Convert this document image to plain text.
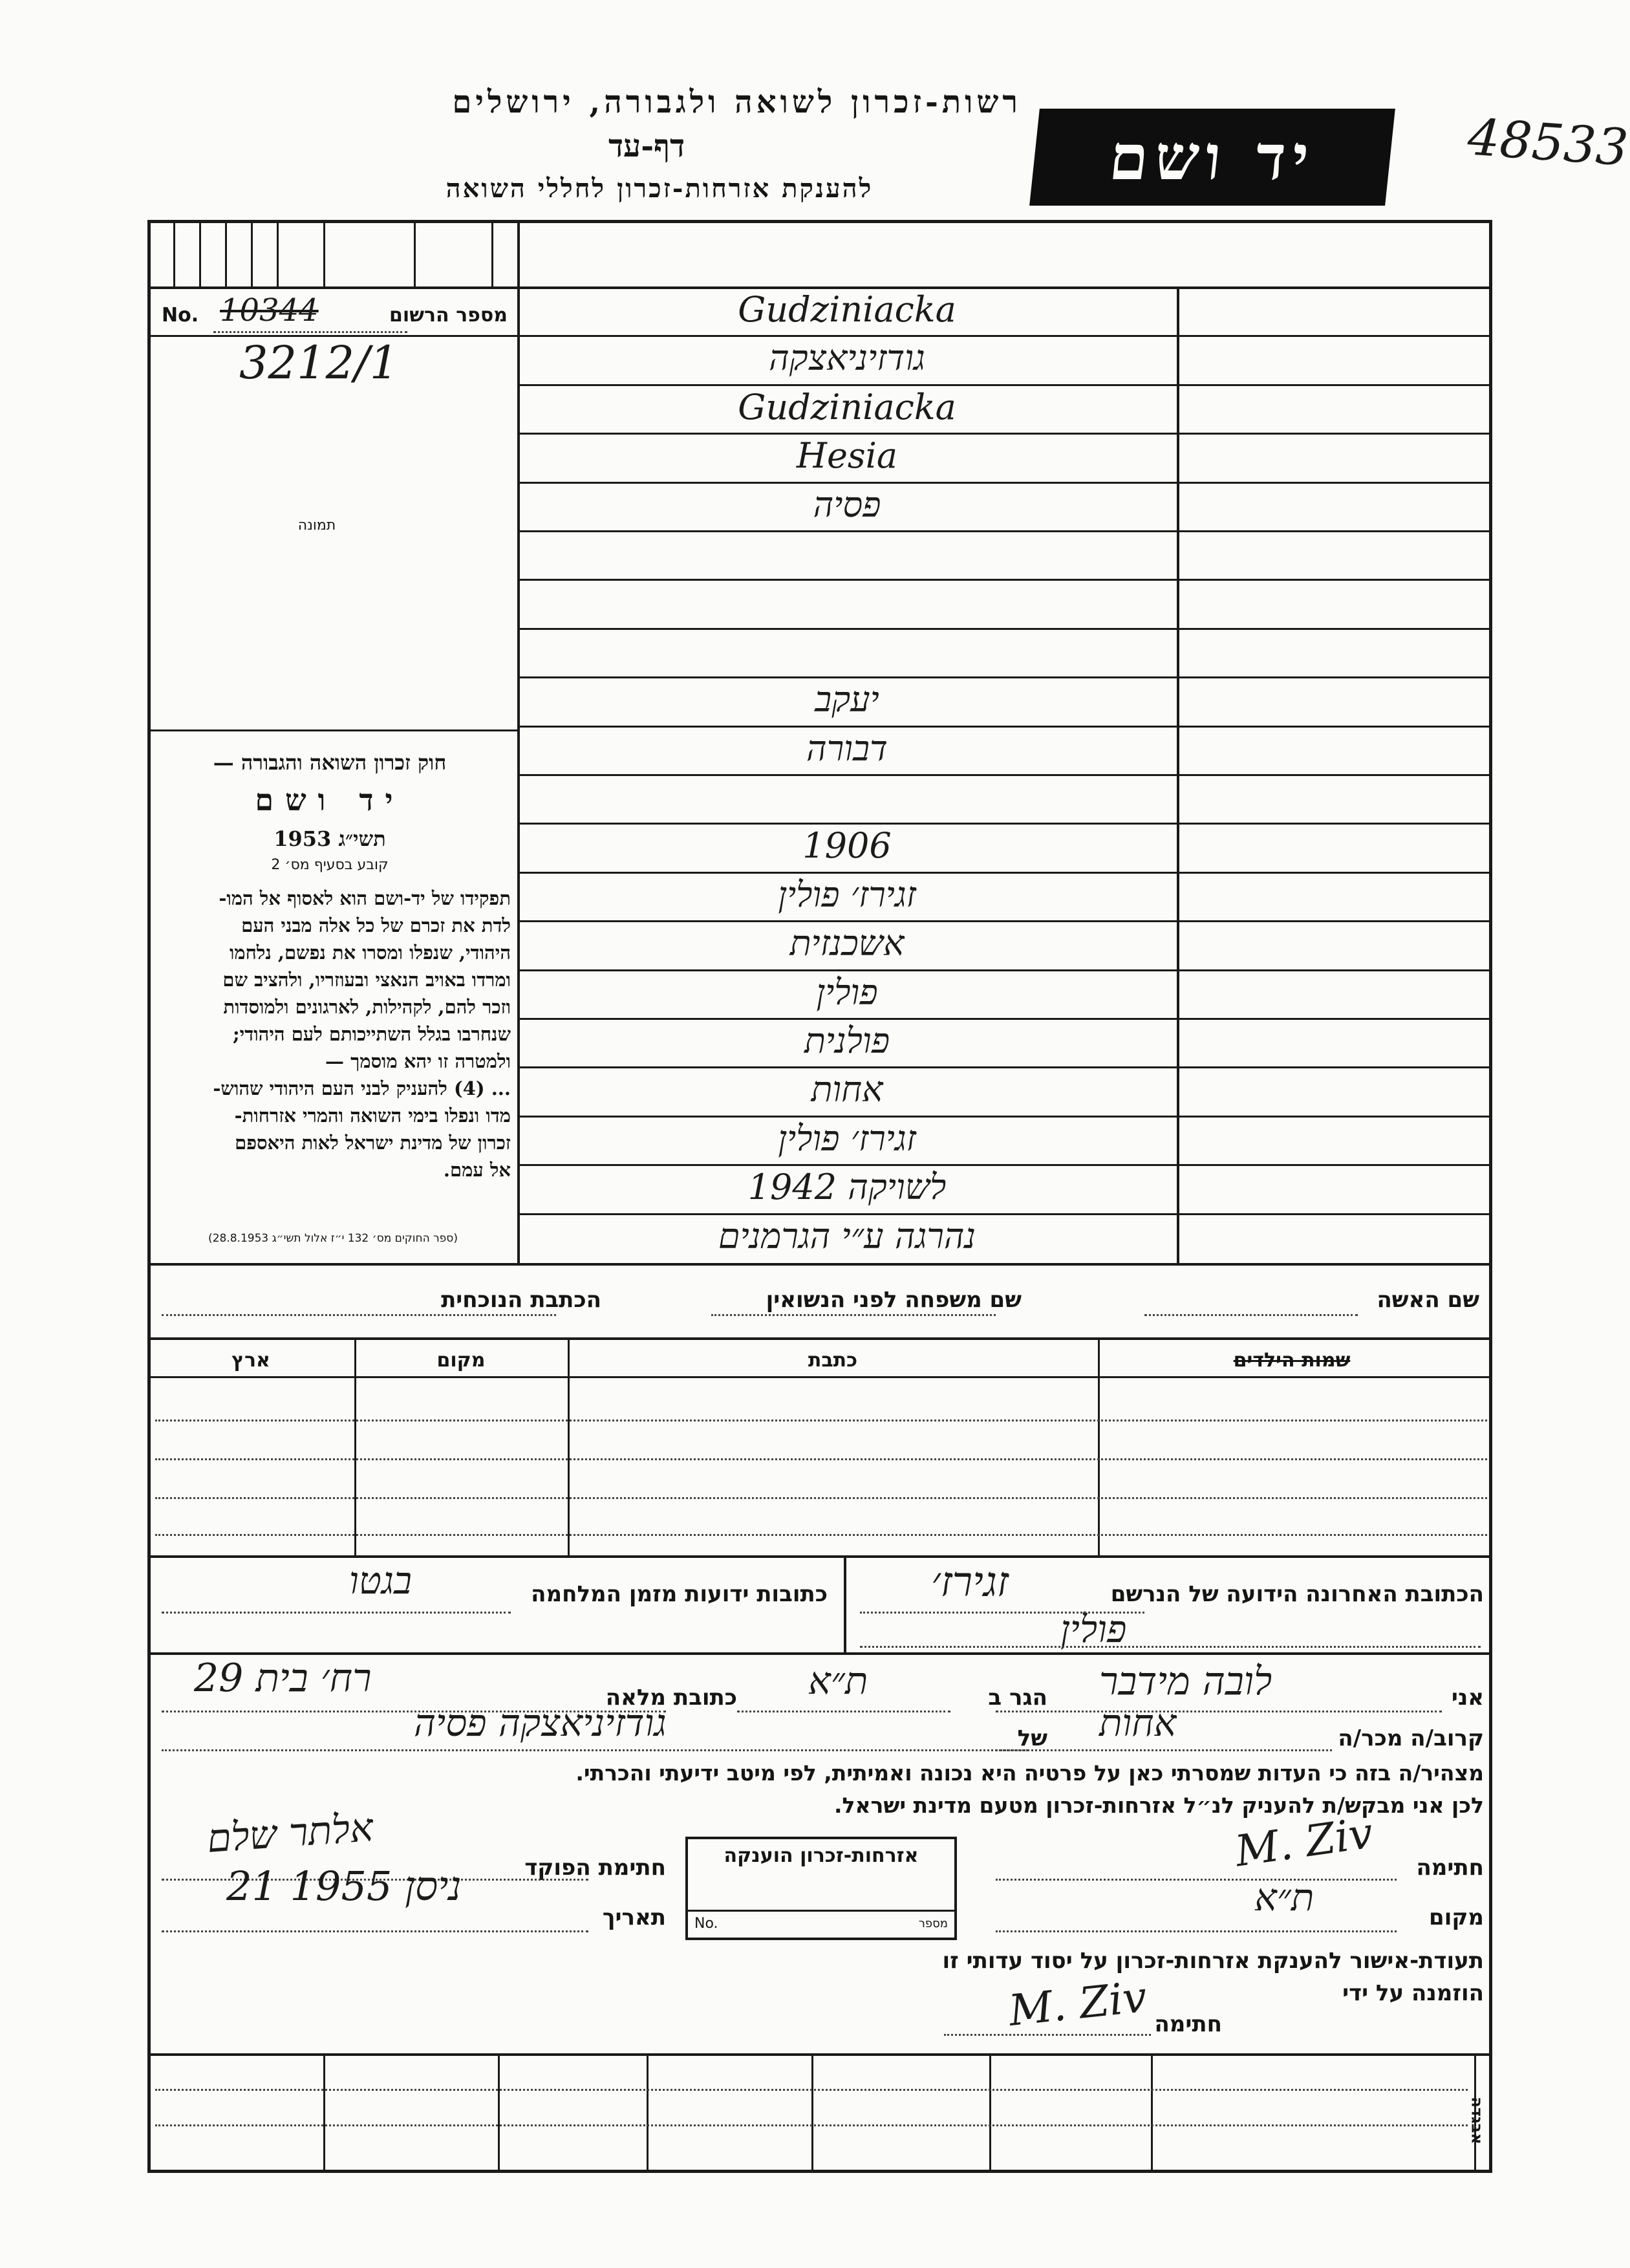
רשות-זכרון לשואה ולגבורה, ירושלים
דף-עד
להענקת אזרחות-זכרון לחללי השואה	יד ושם	48533
No. 10344	מספר הרשום
3212/1
תמונה
חוק זכרון השואה והגבורה —
יד ושם
תשי״ג 1953
קובע בסעיף מס׳ 2
תפקידו של יד-ושם הוא לאסוף אל המו-
לדת את זכרם של כל אלה מבני העם
היהודי, שנפלו ומסרו את נפשם, נלחמו
ומרדו באויב הנאצי ובעוזריו, ולהציב שם
וזכר להם, לקהילות, לארגונים ולמוסדות
שנחרבו בגלל השתייכותם לעם היהודי;
ולמטרה זו יהא מוסמך —
... (4) להעניק לבני העם היהודי שהוש-
מדו ונפלו בימי השואה והמרי אזרחות-
זכרון של מדינת ישראל לאות היאספם
אל עמם.
(ספר החוקים מס׳ 132 י״ז אלול תשי״ג 28.8.1953)
Gudziniacka
גודזיניאצקה
Gudziniacka
Hesia
פסיה
יעקב
דבורה
1906
זגירז׳ פולין
אשכנזית
פולין
פולנית
אחות
זגירז׳ פולין
1942 לשויקה
נהרגה ע״י הגרמנים
שם האשה
שם משפחה לפני הנשואין
הכתבת הנוכחית
שמות הילדים
כתבת
מקום
ארץ
הכתובת האחרונה הידועה של הנרשם
זגירז׳
פולין
כתובות ידועות מזמן המלחמה
בגטו
אני
לובה מידבר
הגר ב
ת״א
כתובת מלאה
רח׳ בית 29
קרוב/ה מכר/ה
אחות
של
גודזיניאצקה פסיה
מצהיר/ה בזה כי העדות שמסרתי כאן על פרטיה היא נכונה ואמיתית, לפי מיטב ידיעתי והכרתי.
לכן אני מבקש/ת להעניק לנ״ל אזרחות-זכרון מטעם מדינת ישראל.
חתימה
M. Ziv
מקום
ת״א
אזרחות-זכרון הוענקה
No.	מספר
חתימת הפוקד
אלתר שלם
תאריך
21 ניסן 1955
תעודת-אישור להענקת אזרחות-זכרון על יסוד עדותי זו
הוזמנה על ידי
חתימה
M. Ziv
אבגדה
